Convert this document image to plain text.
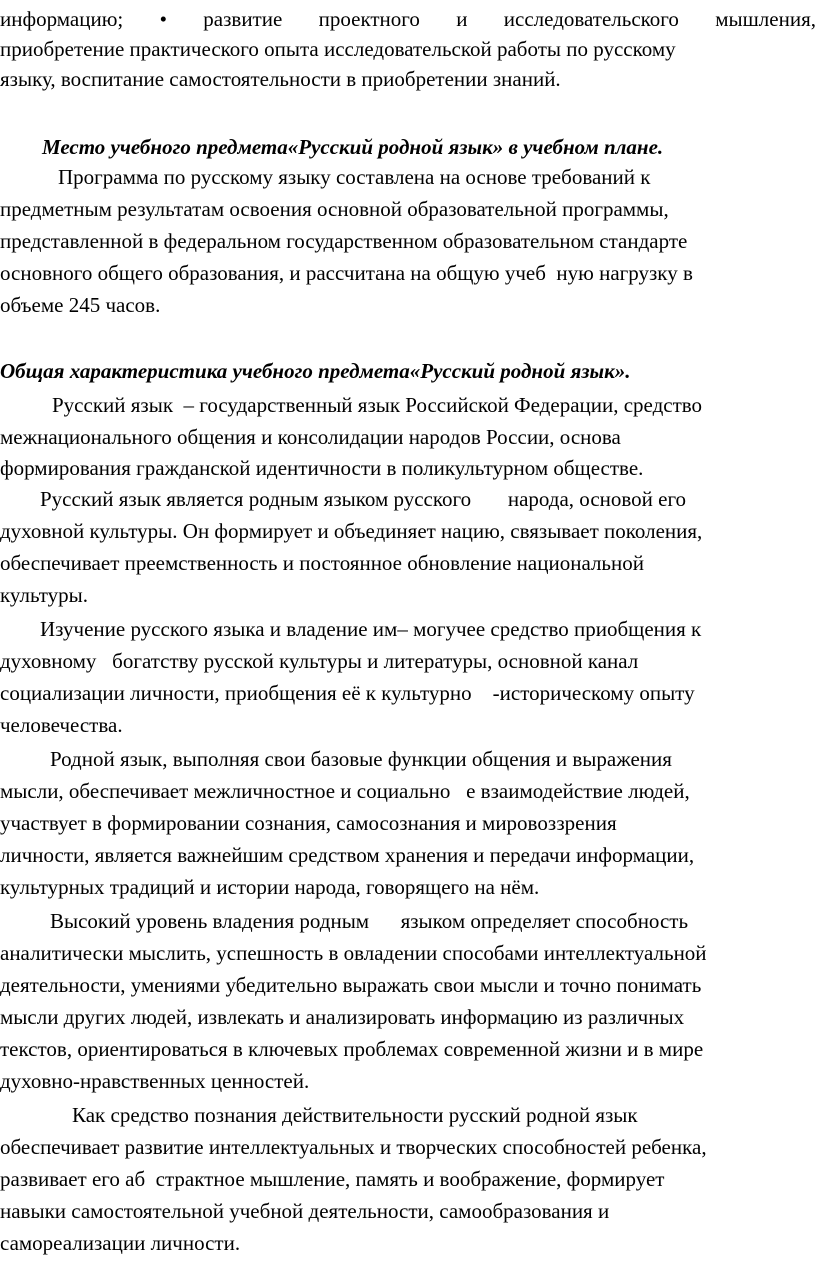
информацию; • развитие проектного и исследовательского мышления,
приобретение практического опыта исследовательской работы по русскому
языку, воспитание самостоятельности в приобретении знаний.
Место учебного предмета«Русский родной язык» в учебном плане.
Программа по русскому языку составлена на основе требований к
предметным результатам освоения основной образовательной программы,
представленной в федеральном государственном образовательном стандарте
основного общего образования, и рассчитана на общую учеб  ную нагрузку в
объеме 245 часов.
Общая характеристика учебного предмета«Русский родной язык».
Русский язык  – государственный язык Российской Федерации, средство
межнационального общения и консолидации народов России, основа
формирования гражданской идентичности в поликультурном обществе.
Русский язык является родным языком русского       народа, основой его
духовной культуры. Он формирует и объединяет нацию, связывает поколения,
обеспечивает преемственность и постоянное обновление национальной
культуры.
Изучение русского языка и владение им– могучее средство приобщения к
духовному   богатству русской культуры и литературы, основной канал
социализации личности, приобщения её к культурно    -историческому опыту
человечества.
Родной язык, выполняя свои базовые функции общения и выражения
мысли, обеспечивает межличностное и социально   е взаимодействие людей,
участвует в формировании сознания, самосознания и мировоззрения
личности, является важнейшим средством хранения и передачи информации,
культурных традиций и истории народа, говорящего на нём.
Высокий уровень владения родным      языком определяет способность
аналитически мыслить, успешность в овладении способами интеллектуальной
деятельности, умениями убедительно выражать свои мысли и точно понимать
мысли других людей, извлекать и анализировать информацию из различных
текстов, ориентироваться в ключевых проблемах современной жизни и в мире
духовно-нравственных ценностей.
Как средство познания действительности русский родной язык
обеспечивает развитие интеллектуальных и творческих способностей ребенка,
развивает его аб  страктное мышление, память и воображение, формирует
навыки самостоятельной учебной деятельности, самообразования и
самореализации личности.
